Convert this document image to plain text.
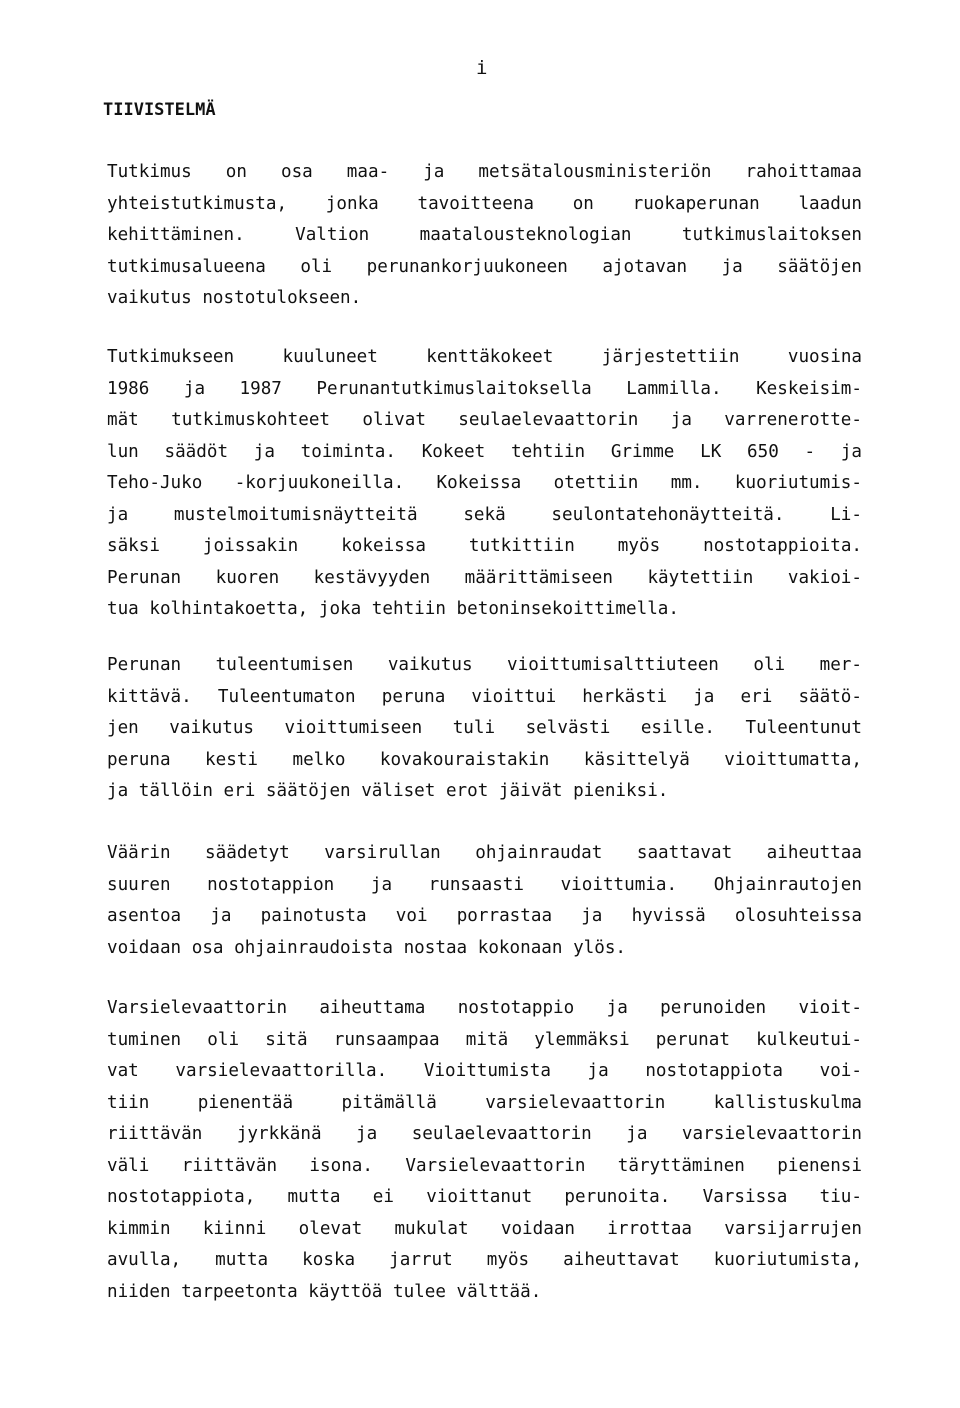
i
TIIVISTELMÄ
Tutkimus on osa maa- ja metsätalousministeriön rahoittamaa
yhteistutkimusta, jonka tavoitteena on ruokaperunan laadun
kehittäminen. Valtion maatalousteknologian tutkimuslaitoksen
tutkimusalueena oli perunankorjuukoneen ajotavan ja säätöjen
vaikutus nostotulokseen.
Tutkimukseen kuuluneet kenttäkokeet järjestettiin vuosina
1986 ja 1987 Perunantutkimuslaitoksella Lammilla. Keskeisim-
mät tutkimuskohteet olivat seulaelevaattorin ja varrenerotte-
lun säädöt ja toiminta. Kokeet tehtiin Grimme LK 650 - ja
Teho-Juko -korjuukoneilla. Kokeissa otettiin mm. kuoriutumis-
ja mustelmoitumisnäytteitä sekä seulontatehonäytteitä. Li-
säksi joissakin kokeissa tutkittiin myös nostotappioita.
Perunan kuoren kestävyyden määrittämiseen käytettiin vakioi-
tua kolhintakoetta, joka tehtiin betoninsekoittimella.
Perunan tuleentumisen vaikutus vioittumisalttiuteen oli mer-
kittävä. Tuleentumaton peruna vioittui herkästi ja eri säätö-
jen vaikutus vioittumiseen tuli selvästi esille. Tuleentunut
peruna kesti melko kovakouraistakin käsittelyä vioittumatta,
ja tällöin eri säätöjen väliset erot jäivät pieniksi.
Väärin säädetyt varsirullan ohjainraudat saattavat aiheuttaa
suuren nostotappion ja runsaasti vioittumia. Ohjainrautojen
asentoa ja painotusta voi porrastaa ja hyvissä olosuhteissa
voidaan osa ohjainraudoista nostaa kokonaan ylös.
Varsielevaattorin aiheuttama nostotappio ja perunoiden vioit-
tuminen oli sitä runsaampaa mitä ylemmäksi perunat kulkeutui-
vat varsielevaattorilla. Vioittumista ja nostotappiota voi-
tiin pienentää pitämällä varsielevaattorin kallistuskulma
riittävän jyrkkänä ja seulaelevaattorin ja varsielevaattorin
väli riittävän isona. Varsielevaattorin täryttäminen pienensi
nostotappiota, mutta ei vioittanut perunoita. Varsissa tiu-
kimmin kiinni olevat mukulat voidaan irrottaa varsijarrujen
avulla, mutta koska jarrut myös aiheuttavat kuoriutumista,
niiden tarpeetonta käyttöä tulee välttää.
